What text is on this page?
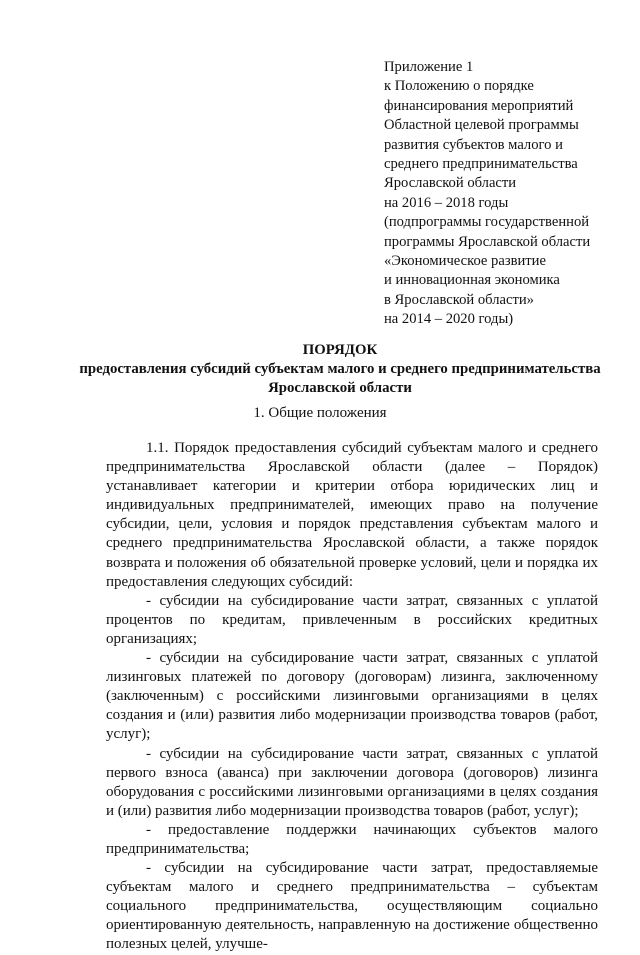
Приложение 1
к Положению о порядке
финансирования мероприятий
Областной целевой программы
развития субъектов малого и
среднего предпринимательства
Ярославской области
на 2016 – 2018 годы
(подпрограммы государственной
программы Ярославской области
«Экономическое развитие
и инновационная экономика
в Ярославской области»
на 2014 – 2020 годы)
ПОРЯДОК
предоставления субсидий субъектам малого и среднего предпринимательства Ярославской области
1. Общие положения

1.1. Порядок предоставления субсидий субъектам малого и среднего предпринимательства Ярославской области (далее – Порядок) устанавливает категории и критерии отбора юридических лиц и индивидуальных предпринимателей, имеющих право на получение субсидии, цели, условия и порядок представления субъектам малого и среднего предпринимательства Ярославской области, а также порядок возврата и положения об обязательной проверке условий, цели и порядка их предоставления следующих субсидий:

- субсидии на субсидирование части затрат, связанных с уплатой процентов по кредитам, привлеченным в российских кредитных организациях;

- субсидии на субсидирование части затрат, связанных с уплатой лизинговых платежей по договору (договорам) лизинга, заключенному (заключенным) с российскими лизинговыми организациями в целях создания и (или) развития либо модернизации производства товаров (работ, услуг);

- субсидии на субсидирование части затрат, связанных с уплатой первого взноса (аванса) при заключении договора (договоров) лизинга оборудования с российскими лизинговыми организациями в целях создания и (или) развития либо модернизации производства товаров (работ, услуг);

- предоставление поддержки начинающих субъектов малого предпринимательства;

- субсидии на субсидирование части затрат, предоставляемые субъектам малого и среднего предпринимательства – субъектам социального предпринимательства, осуществляющим социально ориентированную деятельность, направленную на достижение общественно полезных целей, улучше-
